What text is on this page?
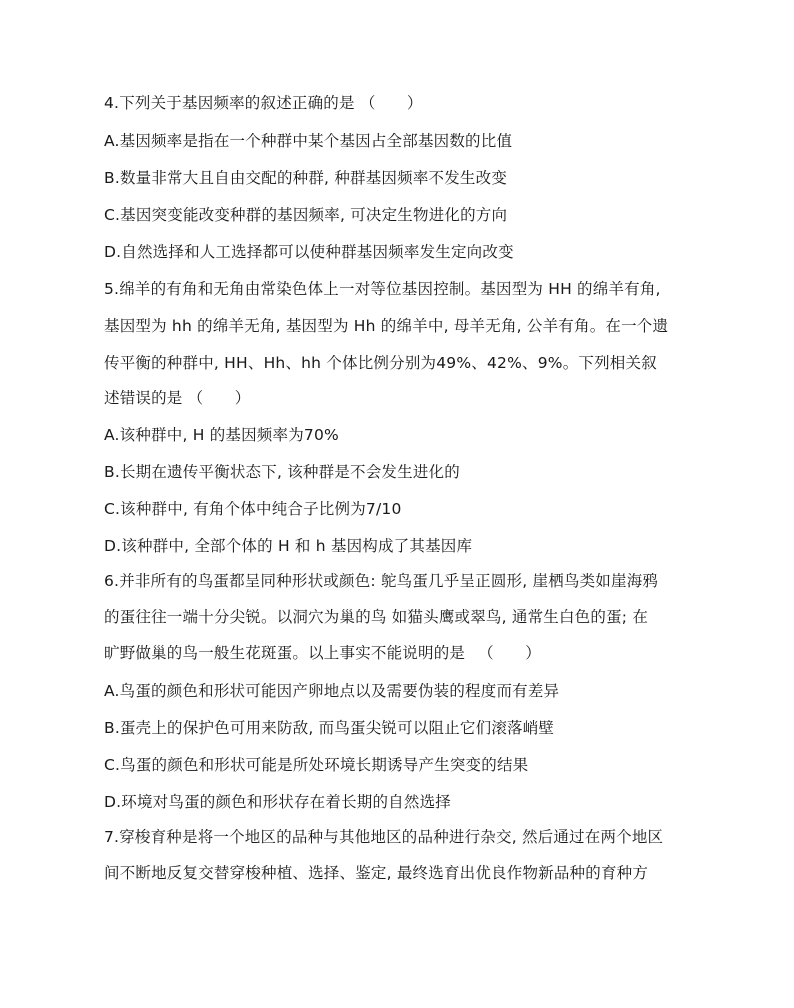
4.下列关于基因频率的叙述正确的是 （　　）
A.基因频率是指在一个种群中某个基因占全部基因数的比值
B.数量非常大且自由交配的种群, 种群基因频率不发生改变
C.基因突变能改变种群的基因频率, 可决定生物进化的方向
D.自然选择和人工选择都可以使种群基因频率发生定向改变
5.绵羊的有角和无角由常染色体上一对等位基因控制。基因型为 HH 的绵羊有角,
基因型为 hh 的绵羊无角, 基因型为 Hh 的绵羊中, 母羊无角, 公羊有角。在一个遗
传平衡的种群中, HH、Hh、hh 个体比例分别为49%、42%、9%。下列相关叙
述错误的是 （　　）
A.该种群中, H 的基因频率为70%
B.长期在遗传平衡状态下, 该种群是不会发生进化的
C.该种群中, 有角个体中纯合子比例为7/10
D.该种群中, 全部个体的 H 和 h 基因构成了其基因库
6.并非所有的鸟蛋都呈同种形状或颜色: 鸵鸟蛋几乎呈正圆形, 崖栖鸟类如崖海鸦
的蛋往往一端十分尖锐。以洞穴为巢的鸟 如猫头鹰或翠鸟, 通常生白色的蛋; 在
旷野做巢的鸟一般生花斑蛋。以上事实不能说明的是 　（　　）
A.鸟蛋的颜色和形状可能因产卵地点以及需要伪装的程度而有差异
B.蛋壳上的保护色可用来防敌, 而鸟蛋尖锐可以阻止它们滚落峭壁
C.鸟蛋的颜色和形状可能是所处环境长期诱导产生突变的结果
D.环境对鸟蛋的颜色和形状存在着长期的自然选择
7.穿梭育种是将一个地区的品种与其他地区的品种进行杂交, 然后通过在两个地区
间不断地反复交替穿梭种植、选择、鉴定, 最终选育出优良作物新品种的育种方
